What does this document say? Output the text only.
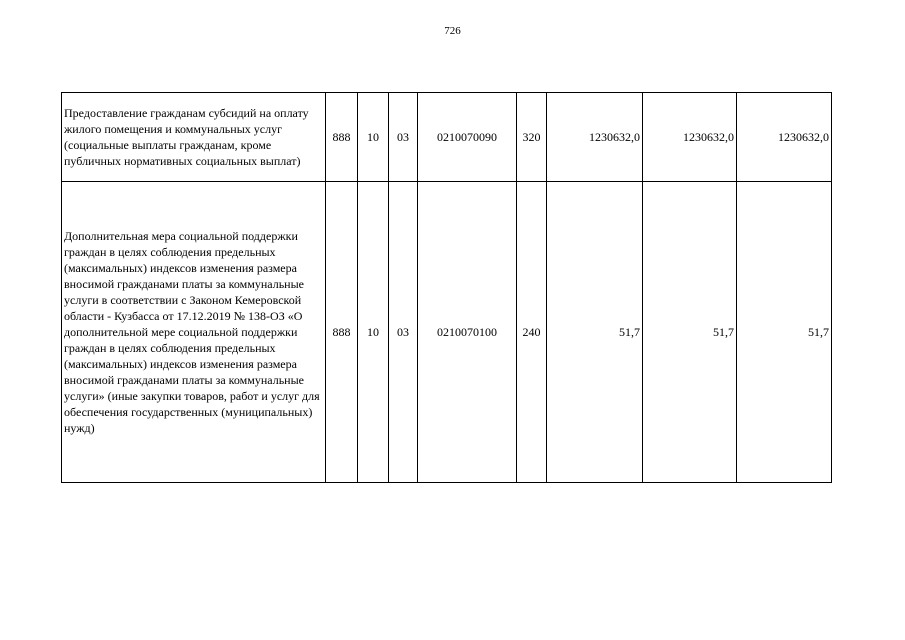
726
Предоставление гражданам субсидий на оплату жилого помещения и коммунальных услуг (социальные выплаты гражданам, кроме публичных нормативных социальных выплат)	888	10	03	0210070090	320	1230632,0	1230632,0	1230632,0
Дополнительная мера социальной поддержки граждан в целях соблюдения предельных (максимальных) индексов изменения размера вносимой гражданами платы за коммунальные услуги в соответствии с Законом Кемеровской области - Кузбасса от 17.12.2019 № 138-ОЗ «О дополнительной мере социальной поддержки граждан в целях соблюдения предельных (максимальных) индексов изменения размера вносимой гражданами платы за коммунальные услуги» (иные закупки товаров, работ и услуг для обеспечения государственных (муниципальных) нужд)	888	10	03	0210070100	240	51,7	51,7	51,7
